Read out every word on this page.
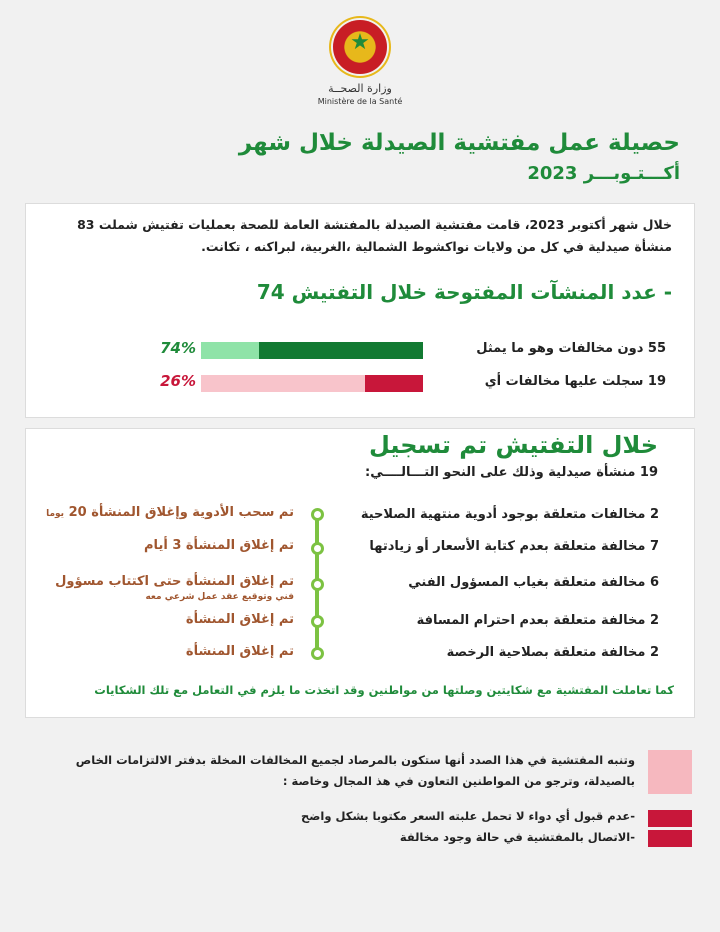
★
وزارة الصحــة
Ministère de la Santé
حصيلة عمل مفتشية الصيدلة خلال شهر
أكـــتـوبـــر 2023
خلال شهر أكتوبر 2023، قامت مفتشية الصيدلة بالمفتشة العامة للصحة بعمليات تفتيش شملت 83 منشأة صيدلية في كل من ولايات نواكشوط الشمالية ،الغربية، لبراكنه ، تكانت.
- عدد المنشآت المفتوحة خلال التفتيش 74
55 دون مخالفات وهو ما يمثل
74%
19 سجلت عليها مخالفات أي
26%
خلال التفتيش تم تسجيل
19 منشأة صيدلية وذلك على النحو التـــالــــي:
2 مخالفات متعلقة بوجود أدوية منتهية الصلاحية
تم سحب الأدوية وإغلاق المنشأة 20 يوما
7 مخالفة متعلقة بعدم كتابة الأسعار أو زيادتها
تم إغلاق المنشأة 3 أيام
6 مخالفة متعلقة بغياب المسؤول الفني
تم إغلاق المنشأة حتى اكتتاب مسؤول
فني وتوقيع عقد عمل شرعي معه
2 مخالفة متعلقة بعدم احترام المسافة
تم إغلاق المنشأة
2 مخالفة متعلقة بصلاحية الرخصة
تم إغلاق المنشأة
كما تعاملت المفتشية مع شكايتين وصلتها من مواطنين وقد اتخذت ما يلزم في التعامل مع تلك الشكايات
وتنبه المفتشية في هذا الصدد أنها ستكون بالمرصاد لجميع المخالفات المخلة بدفتر الالتزامات الخاص بالصيدلة، وترجو من المواطنين التعاون في هذ المجال وخاصة :
-عدم قبول أي دواء لا تحمل علبته السعر مكتوبا بشكل واضح
-الاتصال بالمفتشية في حالة وجود مخالفة
